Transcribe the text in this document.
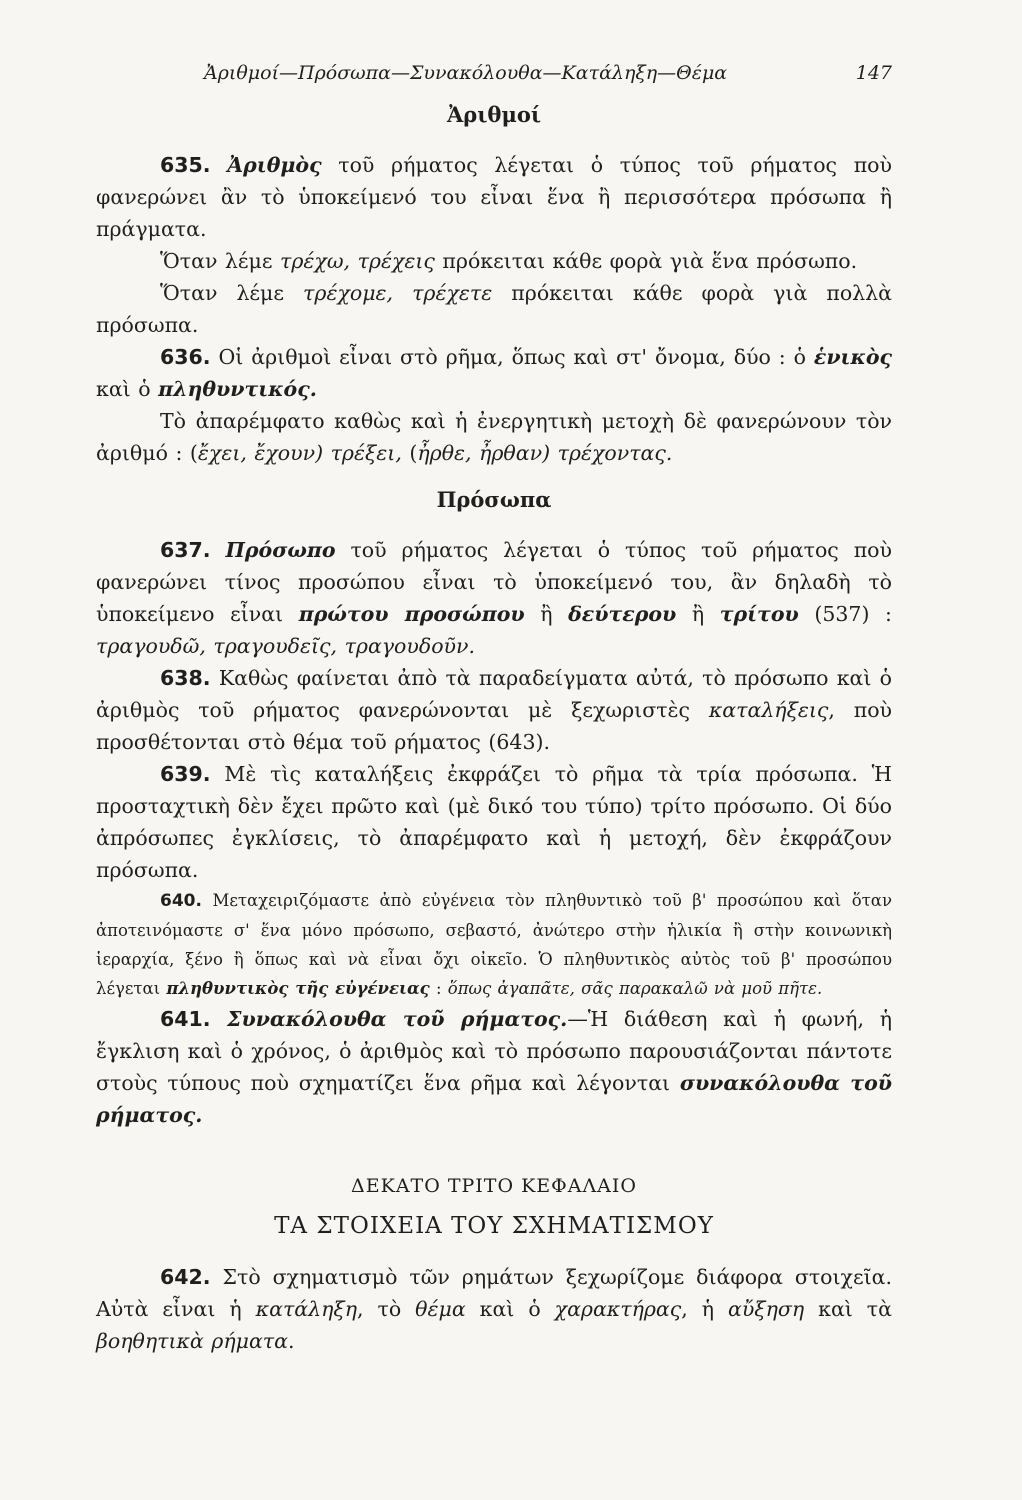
Ἀριθμοί—Πρόσωπα—Συνακόλουθα—Κατάληξη—Θέμα	147
Ἀριθμοί

635. Ἀριθμὸς τοῦ ρήματος λέγεται ὁ τύπος τοῦ ρήματος ποὺ φανερώνει ἂν τὸ ὑποκείμενό του εἶναι ἕνα ἢ περισσότερα πρόσωπα ἢ πράγματα.

Ὅταν λέμε τρέχω, τρέχεις πρόκειται κάθε φορὰ γιὰ ἕνα πρόσωπο.

Ὅταν λέμε τρέχομε, τρέχετε πρόκειται κάθε φορὰ γιὰ πολλὰ πρόσωπα.

636. Οἱ ἀριθμοὶ εἶναι στὸ ρῆμα, ὅπως καὶ στ' ὄνομα, δύο : ὁ ἑνικὸς καὶ ὁ πληθυντικός.

Τὸ ἀπαρέμφατο καθὼς καὶ ἡ ἐνεργητικὴ μετοχὴ δὲ φανερώνουν τὸν ἀριθμό : (ἔχει, ἔχουν) τρέξει, (ἦρθε, ἦρθαν) τρέχοντας.

Πρόσωπα

637. Πρόσωπο τοῦ ρήματος λέγεται ὁ τύπος τοῦ ρήματος ποὺ φανερώνει τίνος προσώπου εἶναι τὸ ὑποκείμενό του, ἂν δηλαδὴ τὸ ὑποκείμενο εἶναι πρώτου προσώπου ἢ δεύτερου ἢ τρίτου (537) : τραγουδῶ, τραγουδεῖς, τραγουδοῦν.

638. Καθὼς φαίνεται ἀπὸ τὰ παραδείγματα αὐτά, τὸ πρόσωπο καὶ ὁ ἀριθμὸς τοῦ ρήματος φανερώνονται μὲ ξεχωριστὲς καταλήξεις, ποὺ προσθέτονται στὸ θέμα τοῦ ρήματος (643).

639. Μὲ τὶς καταλήξεις ἐκφράζει τὸ ρῆμα τὰ τρία πρόσωπα. Ἡ προσταχτικὴ δὲν ἔχει πρῶτο καὶ (μὲ δικό του τύπο) τρίτο πρόσωπο. Οἱ δύο ἀπρόσωπες ἐγκλίσεις, τὸ ἀπαρέμφατο καὶ ἡ μετοχή, δὲν ἐκφράζουν πρόσωπα.

640. Μεταχειριζόμαστε ἀπὸ εὐγένεια τὸν πληθυντικὸ τοῦ β' προσώπου καὶ ὅταν ἀποτεινόμαστε σ' ἕνα μόνο πρόσωπο, σεβαστό, ἀνώτερο στὴν ἡλικία ἢ στὴν κοινωνικὴ ἱεραρχία, ξένο ἢ ὅπως καὶ νὰ εἶναι ὄχι οἰκεῖο. Ὁ πληθυντικὸς αὐτὸς τοῦ β' προσώπου λέγεται πληθυντικὸς τῆς εὐγένειας : ὅπως ἀγαπᾶτε, σᾶς παρακαλῶ νὰ μοῦ πῆτε.

641. Συνακόλουθα τοῦ ρήματος.—Ἡ διάθεση καὶ ἡ φωνή, ἡ ἔγκλιση καὶ ὁ χρόνος, ὁ ἀριθμὸς καὶ τὸ πρόσωπο παρουσιάζονται πάντοτε στοὺς τύπους ποὺ σχηματίζει ἕνα ρῆμα καὶ λέγονται συνακόλουθα τοῦ ρήματος.

ΔΕΚΑΤΟ ΤΡΙΤΟ ΚΕΦΑΛΑΙΟ
ΤΑ ΣΤΟΙΧΕΙΑ ΤΟΥ ΣΧΗΜΑΤΙΣΜΟΥ

642. Στὸ σχηματισμὸ τῶν ρημάτων ξεχωρίζομε διάφορα στοιχεῖα. Αὐτὰ εἶναι ἡ κατάληξη, τὸ θέμα καὶ ὁ χαρακτήρας, ἡ αὔξηση καὶ τὰ βοηθητικὰ ρήματα.
